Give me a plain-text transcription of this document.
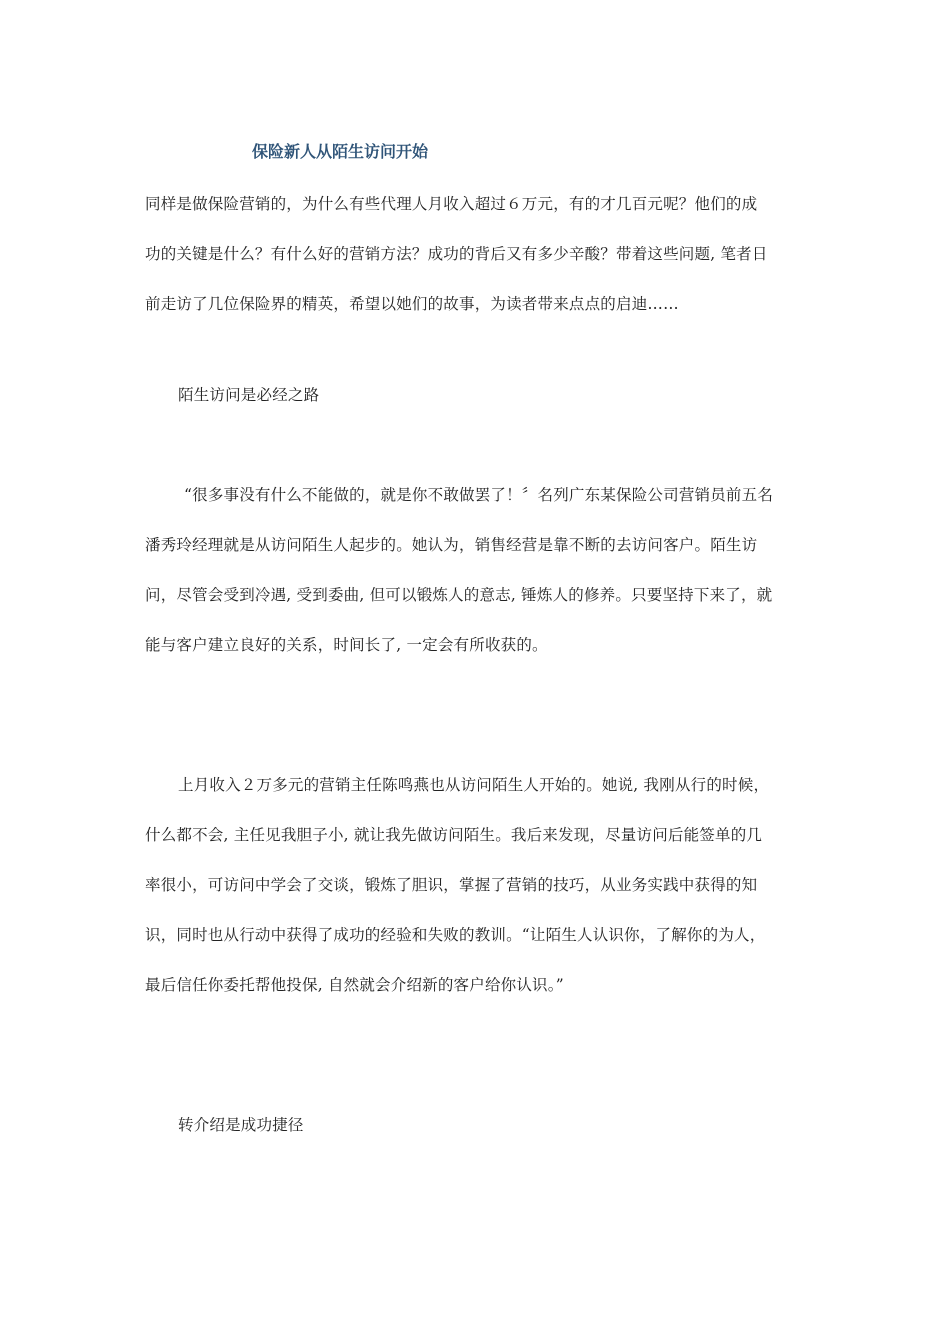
保险新人从陌生访问开始
同样是做保险营销的，为什么有些代理人月收入超过６万元，有的才几百元呢？他们的成
功的关键是什么？有什么好的营销方法？成功的背后又有多少辛酸？带着这些问题, 笔者日
前走访了几位保险界的精英，希望以她们的故事，为读者带来点点的启迪……
陌生访问是必经之路
“很多事没有什么不能做的，就是你不敢做罢了！〞名列广东某保险公司营销员前五名
潘秀玲经理就是从访问陌生人起步的。她认为，销售经营是靠不断的去访问客户。陌生访
问，尽管会受到冷遇, 受到委曲, 但可以锻炼人的意志, 锤炼人的修养。只要坚持下来了，就
能与客户建立良好的关系，时间长了, 一定会有所收获的。
上月收入２万多元的营销主任陈鸣燕也从访问陌生人开始的。她说, 我刚从行的时候，
什么都不会, 主任见我胆子小, 就让我先做访问陌生。我后来发现，尽量访问后能签单的几
率很小，可访问中学会了交谈，锻炼了胆识，掌握了营销的技巧，从业务实践中获得的知
识，同时也从行动中获得了成功的经验和失败的教训。“让陌生人认识你，了解你的为人，
最后信任你委托帮他投保, 自然就会介绍新的客户给你认识。”
转介绍是成功捷径
